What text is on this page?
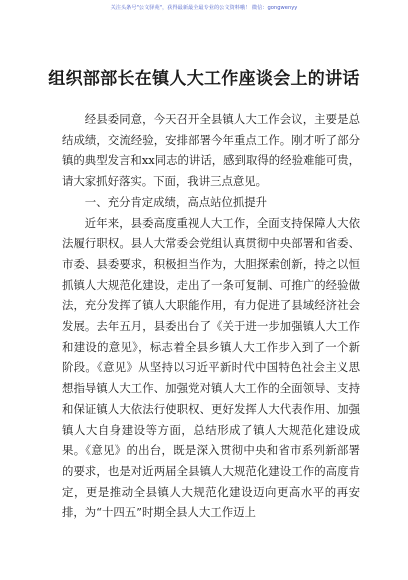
关注头条号"公文驿苑"，获得最新最全最专业的公文资料哦！ 微信：gongwenyy
组织部部长在镇人大工作座谈会上的讲话

经县委同意，今天召开全县镇人大工作会议，主要是总结成绩，交流经验，安排部署今年重点工作。刚才听了部分镇的典型发言和xx同志的讲话，感到取得的经验难能可贵，请大家抓好落实。下面，我讲三点意见。

一、充分肯定成绩，高点站位抓提升

近年来，县委高度重视人大工作，全面支持保障人大依法履行职权。县人大常委会党组认真贯彻中央部署和省委、市委、县委要求，积极担当作为，大胆探索创新，持之以恒抓镇人大规范化建设，走出了一条可复制、可推广的经验做法，充分发挥了镇人大职能作用，有力促进了县域经济社会发展。去年五月，县委出台了《关于进一步加强镇人大工作和建设的意见》，标志着全县乡镇人大工作步入到了一个新阶段。《意见》从坚持以习近平新时代中国特色社会主义思想指导镇人大工作、加强党对镇人大工作的全面领导、支持和保证镇人大依法行使职权、更好发挥人大代表作用、加强镇人大自身建设等方面，总结形成了镇人大规范化建设成果。《意见》的出台，既是深入贯彻中央和省市系列新部署的要求，也是对近两届全县镇人大规范化建设工作的高度肯定，更是推动全县镇人大规范化建设迈向更高水平的再安排，为“十四五”时期全县人大工作迈上
